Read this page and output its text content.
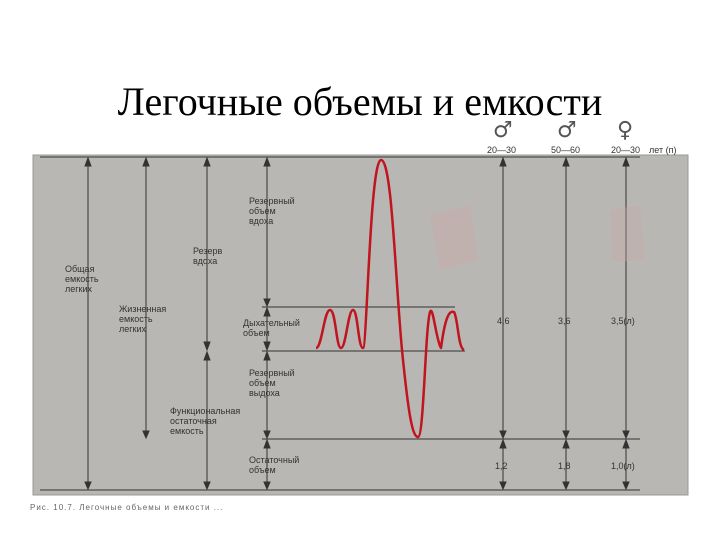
♂
20—30
♂
50—60
♀
20—30 лет (п)
Общая
емкость
легких
Жизненная
емкость
легких
Резерв
вдоха
Функциональная
остаточная
емкость
Резервный
объем
вдоха
Дыхательный
объем
Резервный
объем
выдоха
Остаточный
объем
4,6	3,6	3,5(л)
1,2	1,8	1,0(л)
Рис. 10.7. Легочные объемы и емкости ...
Легочные объемы и емкости
